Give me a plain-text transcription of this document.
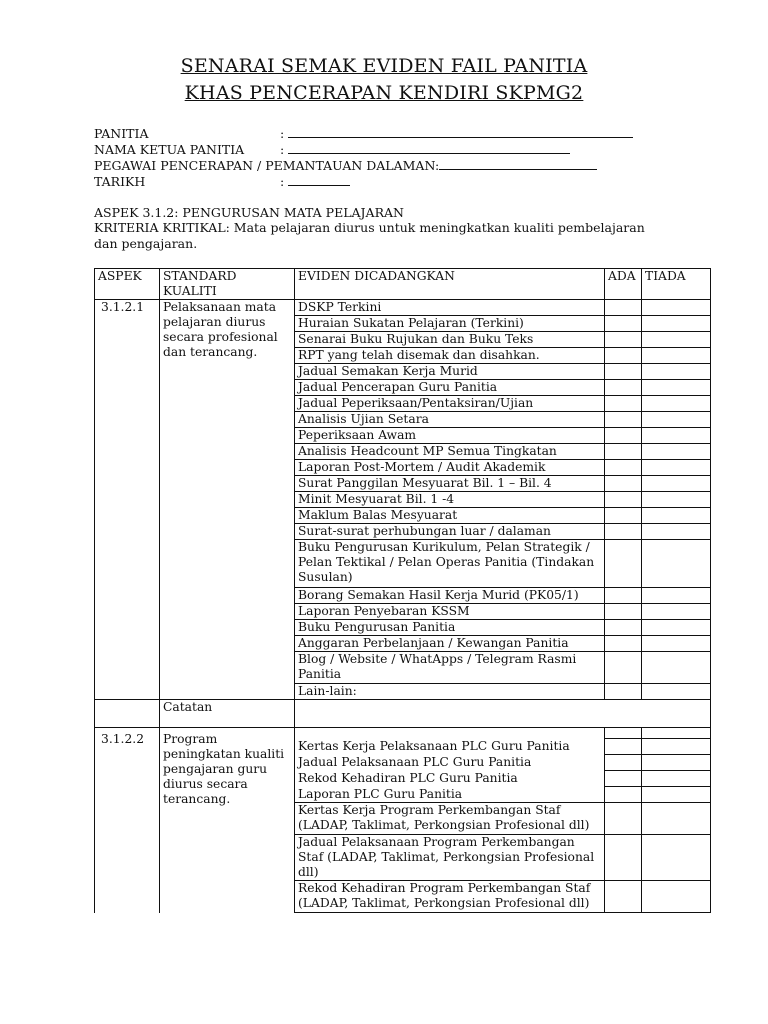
SENARAI SEMAK EVIDEN FAIL PANITIA
KHAS PENCERAPAN KENDIRI SKPMG2
PANITIA	:
NAMA KETUA PANITIA	:
PEGAWAI PENCERAPAN / PEMANTAUAN DALAMAN:
TARIKH	:
ASPEK 3.1.2: PENGURUSAN MATA PELAJARAN
KRITERIA KRITIKAL: Mata pelajaran diurus untuk meningkatkan kualiti pembelajaran dan pengajaran.
ASPEK	STANDARD KUALITI	EVIDEN DICADANGKAN	ADA	TIADA
3.1.2.1	Pelaksanaan mata pelajaran diurus secara profesional dan terancang.	DSKP Terkini		
		Huraian Sukatan Pelajaran (Terkini)		
		Senarai Buku Rujukan dan Buku Teks		
		RPT yang telah disemak dan disahkan.		
		Jadual Semakan Kerja Murid		
		Jadual Pencerapan Guru Panitia		
		Jadual Peperiksaan/Pentaksiran/Ujian		
		Analisis Ujian Setara		
		Peperiksaan Awam		
		Analisis Headcount MP Semua Tingkatan		
		Laporan Post-Mortem / Audit Akademik		
		Surat Panggilan Mesyuarat Bil. 1 – Bil. 4		
		Minit Mesyuarat Bil. 1 -4		
		Maklum Balas Mesyuarat		
		Surat-surat perhubungan luar / dalaman		
		Buku Pengurusan Kurikulum, Pelan Strategik / Pelan Tektikal / Pelan Operas Panitia (Tindakan Susulan)		
		Borang Semakan Hasil Kerja Murid (PK05/1)		
		Laporan Penyebaran KSSM		
		Buku Pengurusan Panitia		
		Anggaran Perbelanjaan / Kewangan Panitia		
		Blog / Website / WhatApps / Telegram Rasmi Panitia		
		Lain-lain:		
	Catatan			
3.1.2.2	Program peningkatan kualiti pengajaran guru diurus secara terancang.			
		Kertas Kerja Pelaksanaan PLC Guru Panitia		
		Jadual Pelaksanaan PLC Guru Panitia		
		Rekod Kehadiran PLC Guru Panitia		
		Laporan PLC Guru Panitia		
		Kertas Kerja Program Perkembangan Staf (LADAP, Taklimat, Perkongsian Profesional dll)		
		Jadual Pelaksanaan Program Perkembangan Staf (LADAP, Taklimat, Perkongsian Profesional dll)		
		Rekod Kehadiran Program Perkembangan Staf (LADAP, Taklimat, Perkongsian Profesional dll)		
